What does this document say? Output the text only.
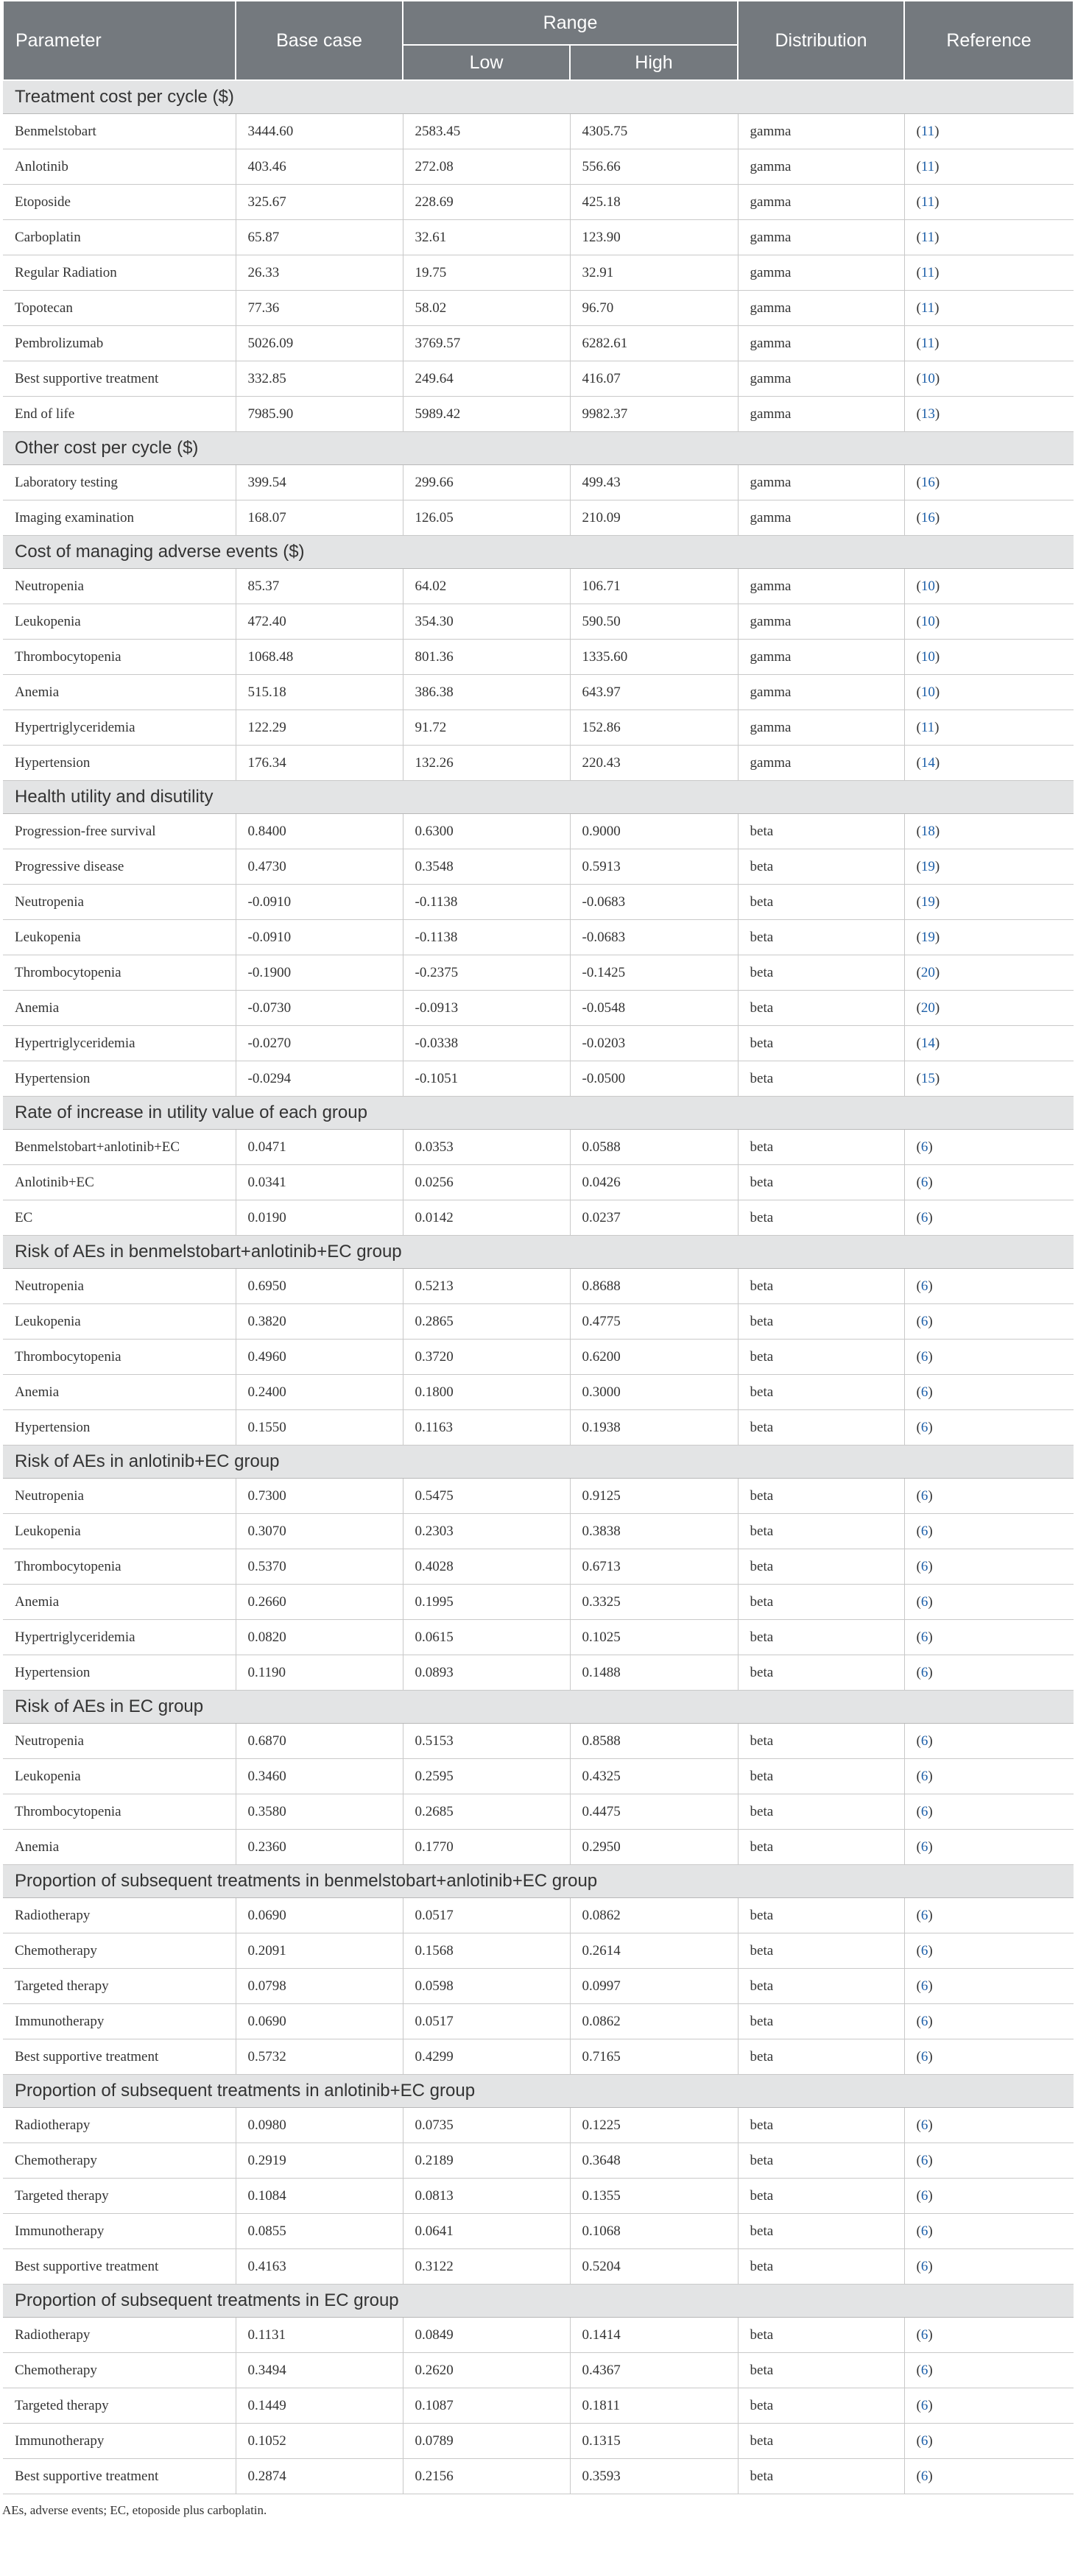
Parameter	Base case	Range		Distribution	Reference
		Low	High		
Treatment cost per cycle ($)					
Benmelstobart	3444.60	2583.45	4305.75	gamma	(11)
Anlotinib	403.46	272.08	556.66	gamma	(11)
Etoposide	325.67	228.69	425.18	gamma	(11)
Carboplatin	65.87	32.61	123.90	gamma	(11)
Regular Radiation	26.33	19.75	32.91	gamma	(11)
Topotecan	77.36	58.02	96.70	gamma	(11)
Pembrolizumab	5026.09	3769.57	6282.61	gamma	(11)
Best supportive treatment	332.85	249.64	416.07	gamma	(10)
End of life	7985.90	5989.42	9982.37	gamma	(13)
Other cost per cycle ($)					
Laboratory testing	399.54	299.66	499.43	gamma	(16)
Imaging examination	168.07	126.05	210.09	gamma	(16)
Cost of managing adverse events ($)					
Neutropenia	85.37	64.02	106.71	gamma	(10)
Leukopenia	472.40	354.30	590.50	gamma	(10)
Thrombocytopenia	1068.48	801.36	1335.60	gamma	(10)
Anemia	515.18	386.38	643.97	gamma	(10)
Hypertriglyceridemia	122.29	91.72	152.86	gamma	(11)
Hypertension	176.34	132.26	220.43	gamma	(14)
Health utility and disutility					
Progression-free survival	0.8400	0.6300	0.9000	beta	(18)
Progressive disease	0.4730	0.3548	0.5913	beta	(19)
Neutropenia	-0.0910	-0.1138	-0.0683	beta	(19)
Leukopenia	-0.0910	-0.1138	-0.0683	beta	(19)
Thrombocytopenia	-0.1900	-0.2375	-0.1425	beta	(20)
Anemia	-0.0730	-0.0913	-0.0548	beta	(20)
Hypertriglyceridemia	-0.0270	-0.0338	-0.0203	beta	(14)
Hypertension	-0.0294	-0.1051	-0.0500	beta	(15)
Rate of increase in utility value of each group					
Benmelstobart+anlotinib+EC	0.0471	0.0353	0.0588	beta	(6)
Anlotinib+EC	0.0341	0.0256	0.0426	beta	(6)
EC	0.0190	0.0142	0.0237	beta	(6)
Risk of AEs in benmelstobart+anlotinib+EC group					
Neutropenia	0.6950	0.5213	0.8688	beta	(6)
Leukopenia	0.3820	0.2865	0.4775	beta	(6)
Thrombocytopenia	0.4960	0.3720	0.6200	beta	(6)
Anemia	0.2400	0.1800	0.3000	beta	(6)
Hypertension	0.1550	0.1163	0.1938	beta	(6)
Risk of AEs in anlotinib+EC group					
Neutropenia	0.7300	0.5475	0.9125	beta	(6)
Leukopenia	0.3070	0.2303	0.3838	beta	(6)
Thrombocytopenia	0.5370	0.4028	0.6713	beta	(6)
Anemia	0.2660	0.1995	0.3325	beta	(6)
Hypertriglyceridemia	0.0820	0.0615	0.1025	beta	(6)
Hypertension	0.1190	0.0893	0.1488	beta	(6)
Risk of AEs in EC group					
Neutropenia	0.6870	0.5153	0.8588	beta	(6)
Leukopenia	0.3460	0.2595	0.4325	beta	(6)
Thrombocytopenia	0.3580	0.2685	0.4475	beta	(6)
Anemia	0.2360	0.1770	0.2950	beta	(6)
Proportion of subsequent treatments in benmelstobart+anlotinib+EC group					
Radiotherapy	0.0690	0.0517	0.0862	beta	(6)
Chemotherapy	0.2091	0.1568	0.2614	beta	(6)
Targeted therapy	0.0798	0.0598	0.0997	beta	(6)
Immunotherapy	0.0690	0.0517	0.0862	beta	(6)
Best supportive treatment	0.5732	0.4299	0.7165	beta	(6)
Proportion of subsequent treatments in anlotinib+EC group					
Radiotherapy	0.0980	0.0735	0.1225	beta	(6)
Chemotherapy	0.2919	0.2189	0.3648	beta	(6)
Targeted therapy	0.1084	0.0813	0.1355	beta	(6)
Immunotherapy	0.0855	0.0641	0.1068	beta	(6)
Best supportive treatment	0.4163	0.3122	0.5204	beta	(6)
Proportion of subsequent treatments in EC group					
Radiotherapy	0.1131	0.0849	0.1414	beta	(6)
Chemotherapy	0.3494	0.2620	0.4367	beta	(6)
Targeted therapy	0.1449	0.1087	0.1811	beta	(6)
Immunotherapy	0.1052	0.0789	0.1315	beta	(6)
Best supportive treatment	0.2874	0.2156	0.3593	beta	(6)
AEs, adverse events; EC, etoposide plus carboplatin.
